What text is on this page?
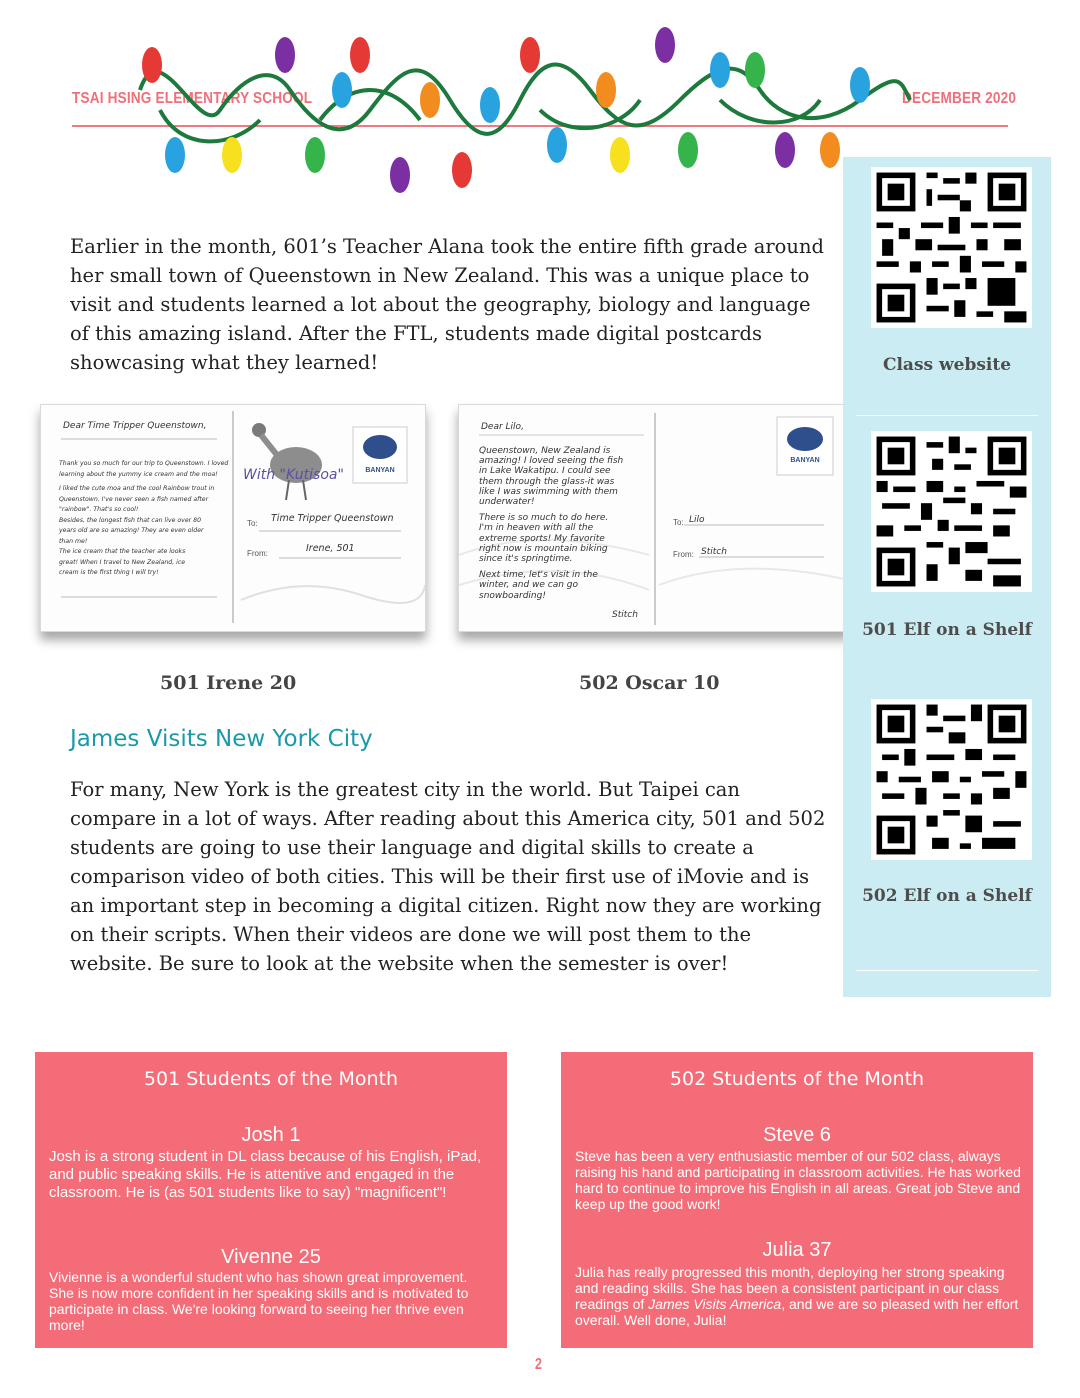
TSAI HSING ELEMENTARY SCHOOL	DECEMBER 2020
Earlier in the month, 601’s Teacher Alana took the entire fifth grade around her small town of Queenstown in New Zealand. This was a unique place to visit and students learned a lot about the geography, biology and language of this amazing island. After the FTL, students made digital postcards showcasing what they learned!
Dear Time Tripper Queenstown,
Thank you so much for our trip to Queenstown. I loved
learning about the yummy ice cream and the moa!
I liked the cute moa and the cool Rainbow trout in
Queenstown. I've never seen a fish named after
"rainbow". That's so cool!
Besides, the longest fish that can live over 80
years old are so amazing! They are even older
than me!
The ice cream that the teacher ate looks
great! When I travel to New Zealand, ice
cream is the first thing I will try!
With "Kutisoa"	BANYAN
To: Time Tripper Queenstown
From:	Irene, 501
501 Irene 20
Dear Lilo,
Queenstown, New Zealand is
amazing! I loved seeing the fish
in Lake Wakatipu. I could see
them through the glass-it was
like I was swimming with them
underwater!
There is so much to do here.
I'm in heaven with all the
extreme sports! My favorite
right now is mountain biking
since it's springtime.
Next time, let's visit in the
winter, and we can go
snowboarding!
Stitch
BANYAN
To: Lilo
From: Stitch
502 Oscar 10
James Visits New York City
For many, New York is the greatest city in the world. But Taipei can compare in a lot of ways. After reading about this America city, 501 and 502 students are going to use their language and digital skills to create a comparison video of both cities. This will be their first use of iMovie and is an important step in becoming a digital citizen. Right now they are working on their scripts. When their videos are done we will post them to the website. Be sure to look at the website when the semester is over!
Class website
501 Elf on a Shelf
502 Elf on a Shelf
501 Students of the Month
Josh 1
Josh is a strong student in DL class because of his English, iPad, and public speaking skills. He is attentive and engaged in the classroom. He is (as 501 students like to say) "magnificent"!
Vivenne 25
Vivienne is a wonderful student who has shown great improvement. She is now more confident in her speaking skills and is motivated to participate in class. We're looking forward to seeing her thrive even more!
502 Students of the Month
Steve 6
Steve has been a very enthusiastic member of our 502 class, always raising his hand and participating in classroom activities. He has worked hard to continue to improve his English in all areas. Great job Steve and keep up the good work!
Julia 37
Julia has really progressed this month, deploying her strong speaking and reading skills. She has been a consistent participant in our class readings of James Visits America, and we are so pleased with her effort overall. Well done, Julia!
2
